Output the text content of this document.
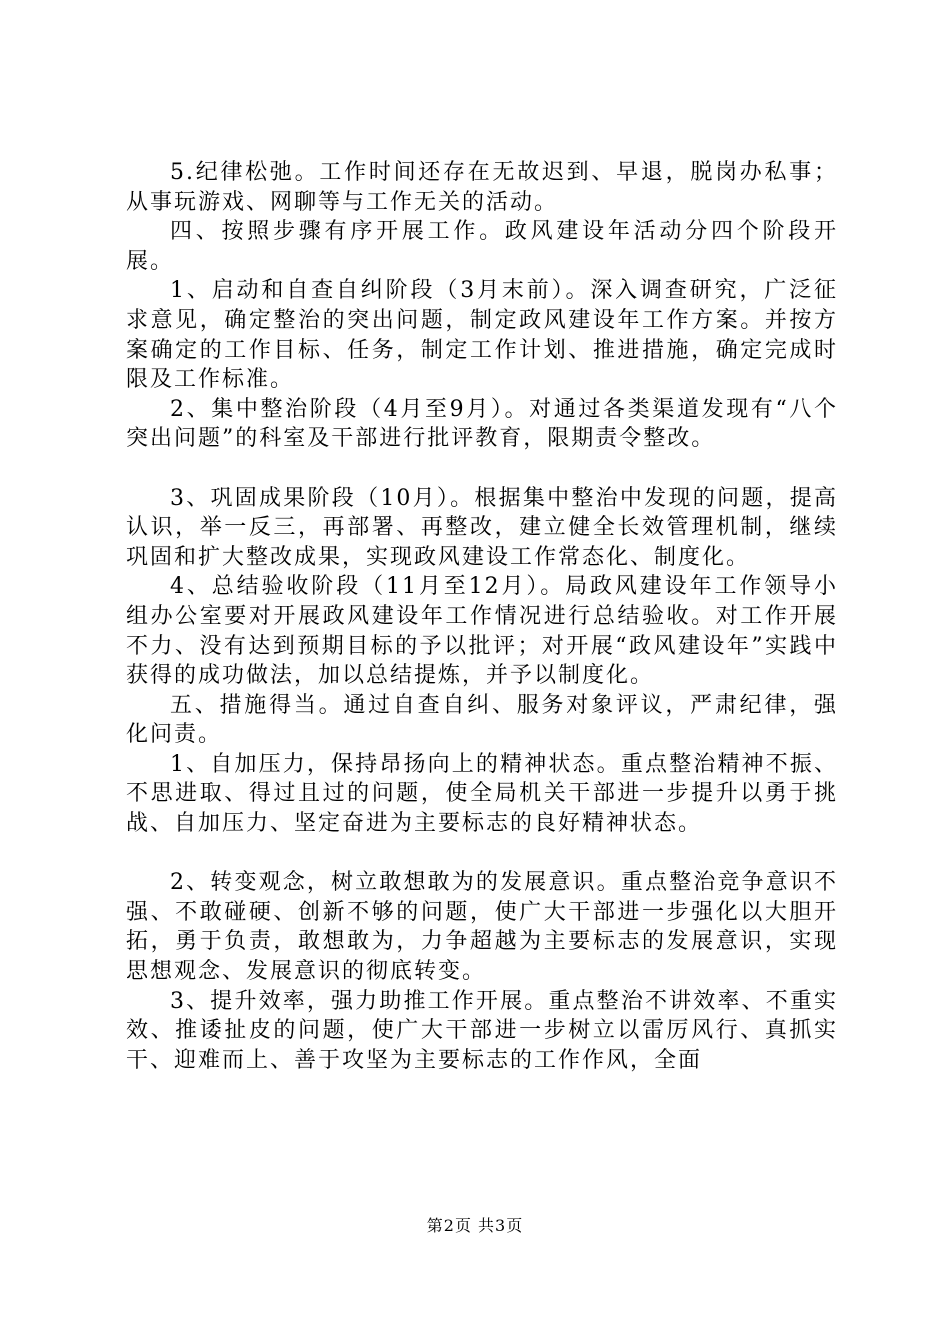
5.纪律松弛。工作时间还存在无故迟到、早退，脱岗办私事；从事玩游戏、网聊等与工作无关的活动。

四、按照步骤有序开展工作。政风建设年活动分四个阶段开展。

1、启动和自查自纠阶段（3月末前）。深入调查研究，广泛征求意见，确定整治的突出问题，制定政风建设年工作方案。并按方案确定的工作目标、任务，制定工作计划、推进措施，确定完成时限及工作标准。

2、集中整治阶段（4月至9月）。对通过各类渠道发现有“八个突出问题”的科室及干部进行批评教育，限期责令整改。

3、巩固成果阶段（10月）。根据集中整治中发现的问题，提高认识，举一反三，再部署、再整改，建立健全长效管理机制，继续巩固和扩大整改成果，实现政风建设工作常态化、制度化。

4、总结验收阶段（11月至12月）。局政风建设年工作领导小组办公室要对开展政风建设年工作情况进行总结验收。对工作开展不力、没有达到预期目标的予以批评；对开展“政风建设年”实践中获得的成功做法，加以总结提炼，并予以制度化。

五、措施得当。通过自查自纠、服务对象评议，严肃纪律，强化问责。

1、自加压力，保持昂扬向上的精神状态。重点整治精神不振、不思进取、得过且过的问题，使全局机关干部进一步提升以勇于挑战、自加压力、坚定奋进为主要标志的良好精神状态。

2、转变观念，树立敢想敢为的发展意识。重点整治竞争意识不强、不敢碰硬、创新不够的问题，使广大干部进一步强化以大胆开拓，勇于负责，敢想敢为，力争超越为主要标志的发展意识，实现思想观念、发展意识的彻底转变。

3、提升效率，强力助推工作开展。重点整治不讲效率、不重实效、推诿扯皮的问题，使广大干部进一步树立以雷厉风行、真抓实干、迎难而上、善于攻坚为主要标志的工作作风，全面

第2页 共3页
